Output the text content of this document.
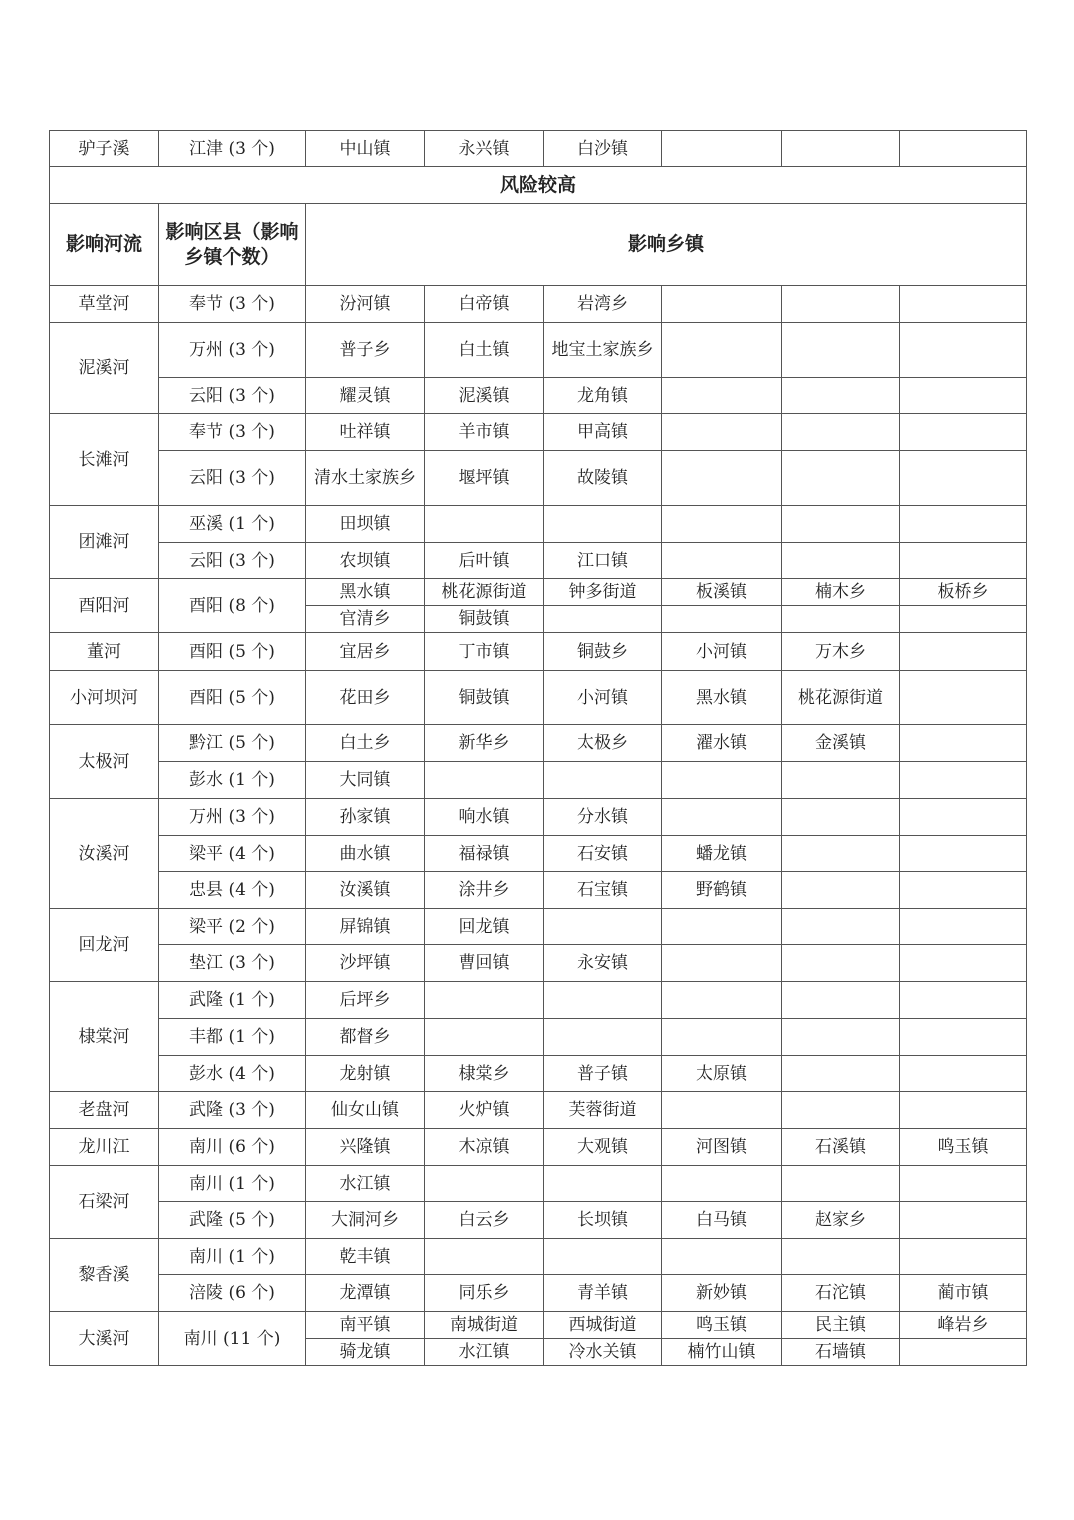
驴子溪	江津 (3 个)	中山镇	永兴镇	白沙镇			
风险较高							
影响河流	影响区县（影响乡镇个数）	影响乡镇					
草堂河	奉节 (3 个)	汾河镇	白帝镇	岩湾乡			
泥溪河	万州 (3 个)	普子乡	白土镇	地宝土家族乡			
	云阳 (3 个)	耀灵镇	泥溪镇	龙角镇			
长滩河	奉节 (3 个)	吐祥镇	羊市镇	甲高镇			
	云阳 (3 个)	清水土家族乡	堰坪镇	故陵镇			
团滩河	巫溪 (1 个)	田坝镇					
	云阳 (3 个)	农坝镇	后叶镇	江口镇			
酉阳河	酉阳 (8 个)	黑水镇	桃花源街道	钟多街道	板溪镇	楠木乡	板桥乡
		官清乡	铜鼓镇				
董河	酉阳 (5 个)	宜居乡	丁市镇	铜鼓乡	小河镇	万木乡	
小河坝河	酉阳 (5 个)	花田乡	铜鼓镇	小河镇	黑水镇	桃花源街道	
太极河	黔江 (5 个)	白土乡	新华乡	太极乡	濯水镇	金溪镇	
	彭水 (1 个)	大同镇					
汝溪河	万州 (3 个)	孙家镇	响水镇	分水镇			
	梁平 (4 个)	曲水镇	福禄镇	石安镇	蟠龙镇		
	忠县 (4 个)	汝溪镇	涂井乡	石宝镇	野鹤镇		
回龙河	梁平 (2 个)	屏锦镇	回龙镇				
	垫江 (3 个)	沙坪镇	曹回镇	永安镇			
棣棠河	武隆 (1 个)	后坪乡					
	丰都 (1 个)	都督乡					
	彭水 (4 个)	龙射镇	棣棠乡	普子镇	太原镇		
老盘河	武隆 (3 个)	仙女山镇	火炉镇	芙蓉街道			
龙川江	南川 (6 个)	兴隆镇	木凉镇	大观镇	河图镇	石溪镇	鸣玉镇
石梁河	南川 (1 个)	水江镇					
	武隆 (5 个)	大洞河乡	白云乡	长坝镇	白马镇	赵家乡	
黎香溪	南川 (1 个)	乾丰镇					
	涪陵 (6 个)	龙潭镇	同乐乡	青羊镇	新妙镇	石沱镇	蔺市镇
大溪河	南川 (11 个)	南平镇	南城街道	西城街道	鸣玉镇	民主镇	峰岩乡
		骑龙镇	水江镇	冷水关镇	楠竹山镇	石墙镇	
